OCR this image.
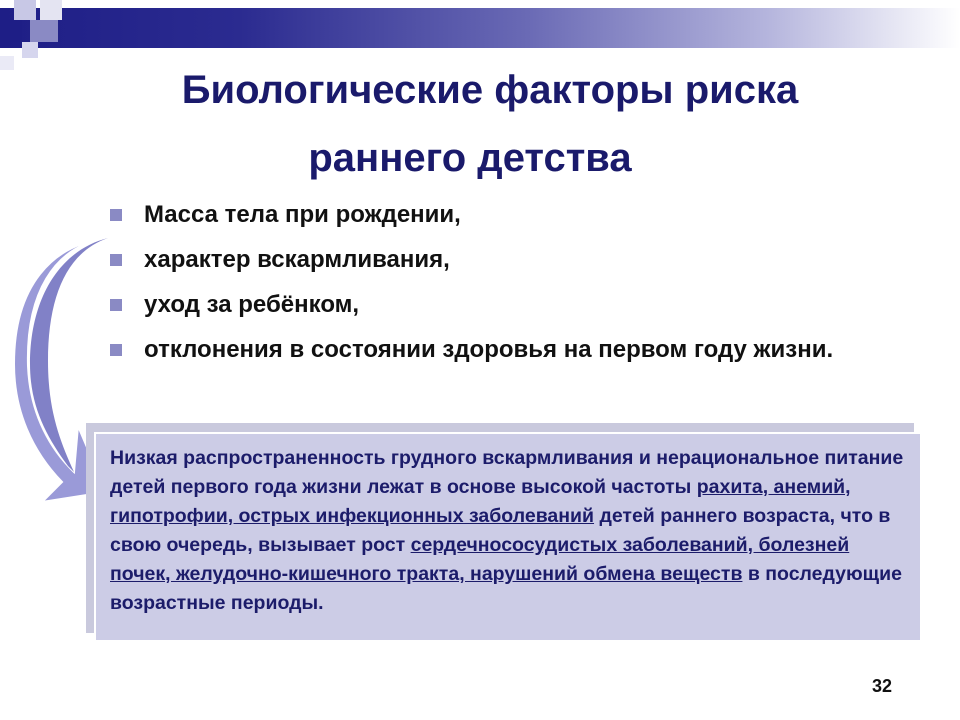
Биологические факторы риска
раннего детства
Масса тела при рождении,
характер вскармливания,
уход за ребёнком,
отклонения в состоянии здоровья на первом году жизни.
Низкая распространенность грудного вскармливания и нерациональное питание детей первого года жизни лежат в основе высокой частоты рахита, анемий, гипотрофии, острых инфекционных заболеваний детей раннего возраста, что в свою очередь, вызывает рост сердечнососудистых заболеваний, болезней почек, желудочно-кишечного тракта, нарушений обмена веществ в последующие возрастные периоды.
32
